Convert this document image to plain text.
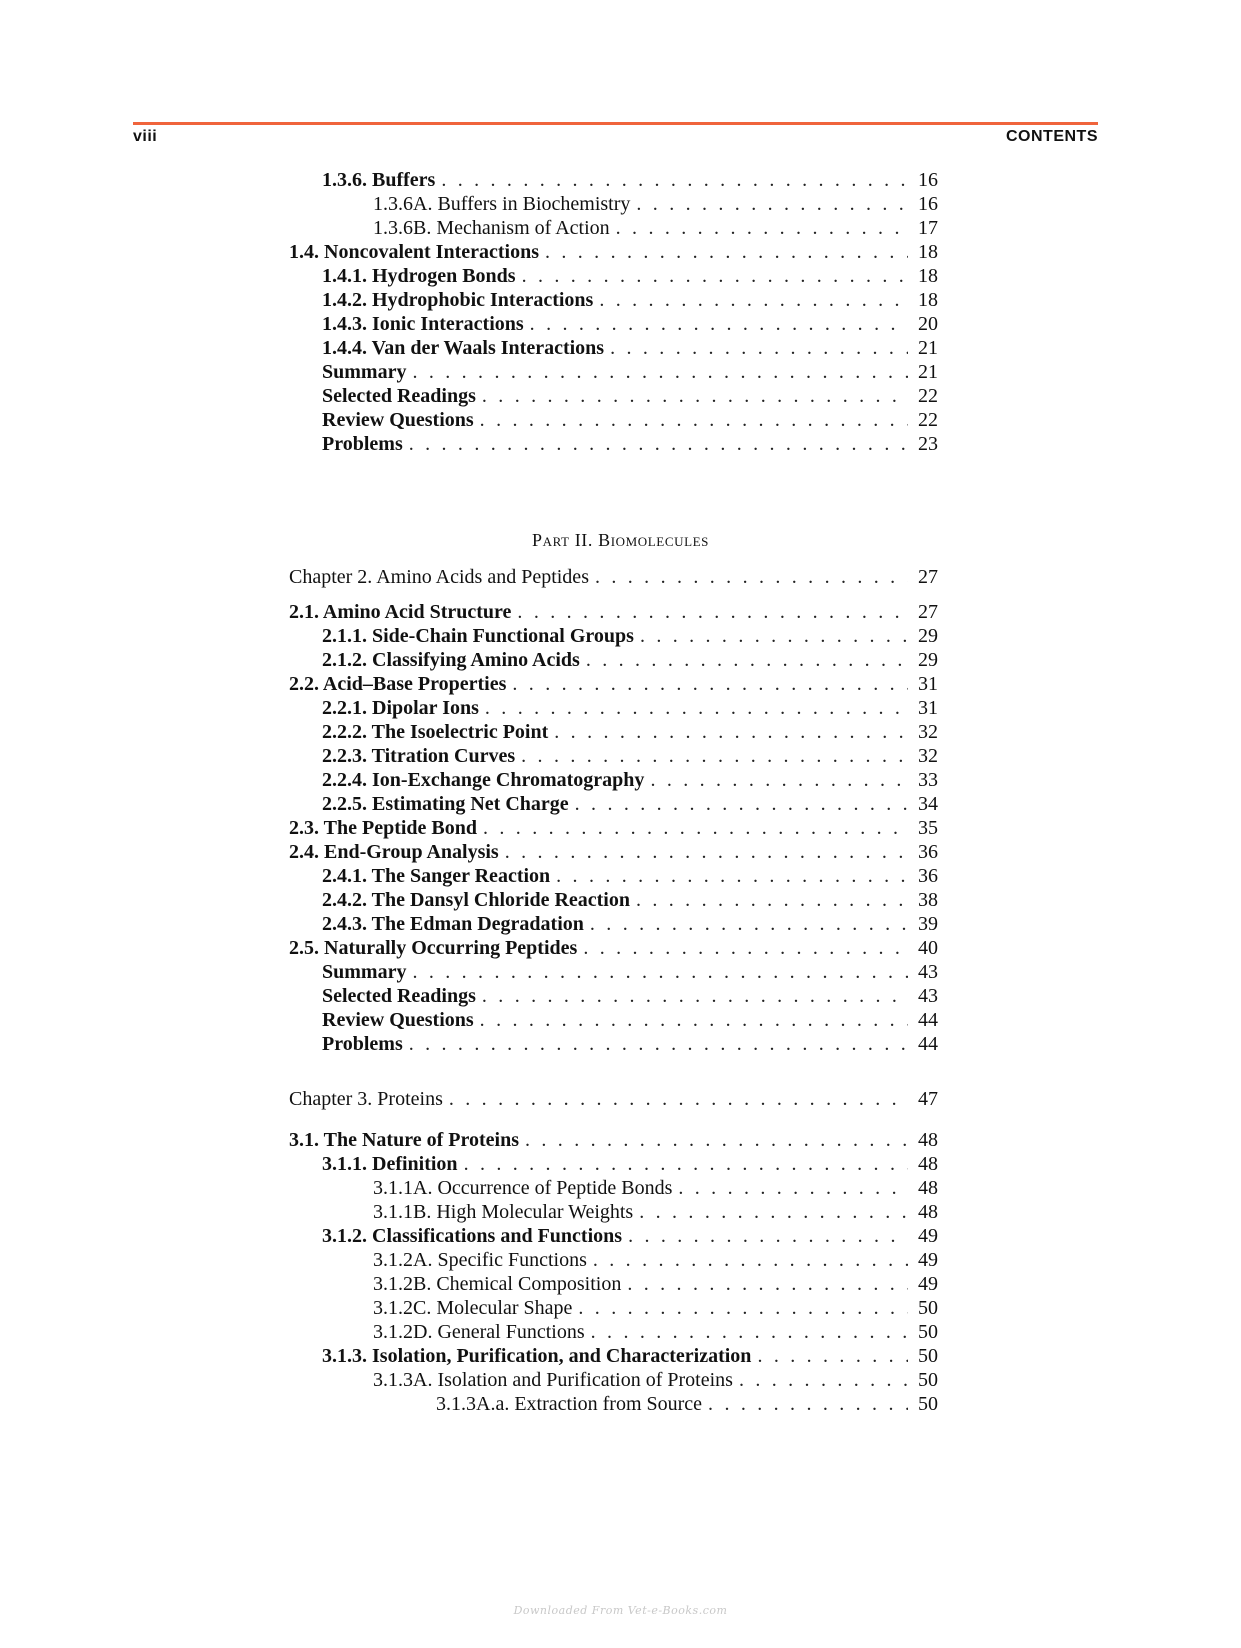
viii	CONTENTS
Part II. Biomolecules
1.3.6. Buffers . . .	16
1.3.6A. Buffers in Biochemistry . . .	16
1.3.6B. Mechanism of Action . . .	17
1.4. Noncovalent Interactions . . .	18
1.4.1. Hydrogen Bonds . . .	18
1.4.2. Hydrophobic Interactions . . .	18
1.4.3. Ionic Interactions . . .	20
1.4.4. Van der Waals Interactions . . .	21
Summary . . .	21
Selected Readings . . .	22
Review Questions . . .	22
Problems . . .	23
Chapter 2. Amino Acids and Peptides . . .	27
2.1. Amino Acid Structure . . .	27
2.1.1. Side-Chain Functional Groups . . .	29
2.1.2. Classifying Amino Acids . . .	29
2.2. Acid–Base Properties . . .	31
2.2.1. Dipolar Ions . . .	31
2.2.2. The Isoelectric Point . . .	32
2.2.3. Titration Curves . . .	32
2.2.4. Ion-Exchange Chromatography . . .	33
2.2.5. Estimating Net Charge . . .	34
2.3. The Peptide Bond . . .	35
2.4. End-Group Analysis . . .	36
2.4.1. The Sanger Reaction . . .	36
2.4.2. The Dansyl Chloride Reaction . . .	38
2.4.3. The Edman Degradation . . .	39
2.5. Naturally Occurring Peptides . . .	40
Summary . . .	43
Selected Readings . . .	43
Review Questions . . .	44
Problems . . .	44
Chapter 3. Proteins . . .	47
3.1. The Nature of Proteins . . .	48
3.1.1. Definition . . .	48
3.1.1A. Occurrence of Peptide Bonds . . .	48
3.1.1B. High Molecular Weights . . .	48
3.1.2. Classifications and Functions . . .	49
3.1.2A. Specific Functions . . .	49
3.1.2B. Chemical Composition . . .	49
3.1.2C. Molecular Shape . . .	50
3.1.2D. General Functions . . .	50
3.1.3. Isolation, Purification, and Characterization . . .	50
3.1.3A. Isolation and Purification of Proteins . . .	50
3.1.3A.a. Extraction from Source . . .	50
Downloaded From Vet-e-Books.com
